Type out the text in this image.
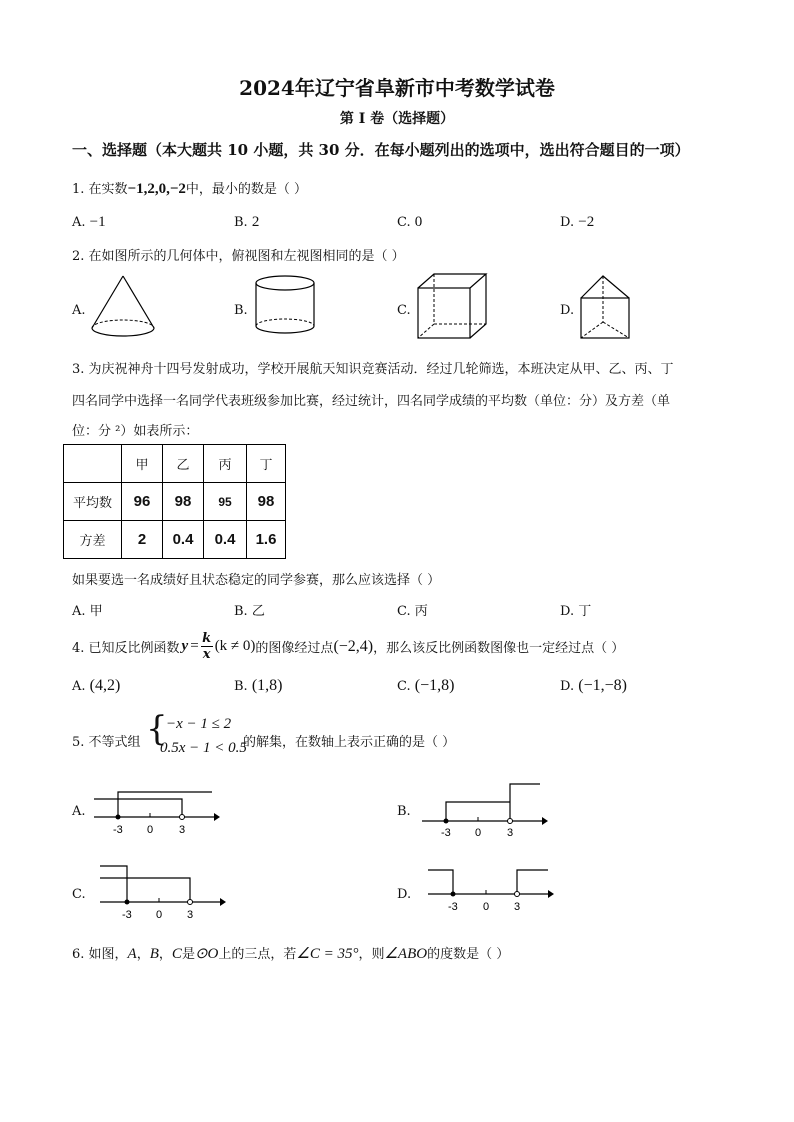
2024年辽宁省阜新市中考数学试卷
第 I 卷（选择题）
一、选择题（本大题共 10 小题，共 30 分．在每小题列出的选项中，选出符合题目的一项）
1. 在实数−1,2,0,−2中，最小的数是（ ）
A. −1	B. 2	C. 0	D. −2
2. 在如图所示的几何体中，俯视图和左视图相同的是（ ）
A.	B.	C.	D.
3. 为庆祝神舟十四号发射成功，学校开展航天知识竞赛活动．经过几轮筛选，本班决定从甲、乙、丙、丁
四名同学中选择一名同学代表班级参加比赛，经过统计，四名同学成绩的平均数（单位：分）及方差（单
位：分 ²）如表所示：
	甲	乙	丙	丁
平均数	96	98	95	98
方差	2	0.4	0.4	1.6
如果要选一名成绩好且状态稳定的同学参赛，那么应该选择（ ）
A. 甲	B. 乙	C. 丙	D. 丁
4. 已知反比例函数 $y = \frac{k}{x} (k \ne 0)$ 的图像经过点 (−2,4) ，那么该反比例函数图像也一定经过点（ ）
A. (4,2)	B. (1,8)	C. (−1,8)	D. (−1,−8)
5. 不等式组 {
−x − 1 ≤ 2
0.5x − 1 < 0.5
的解集，在数轴上表示正确的是（ ）
A.	B.
C.	D.
-3 0 3	-3 0 3
-3 0 3
-3 0 3
6. 如图，A，B，C是⊙O上的三点，若∠C = 35°，则∠ABO的度数是（ ）
